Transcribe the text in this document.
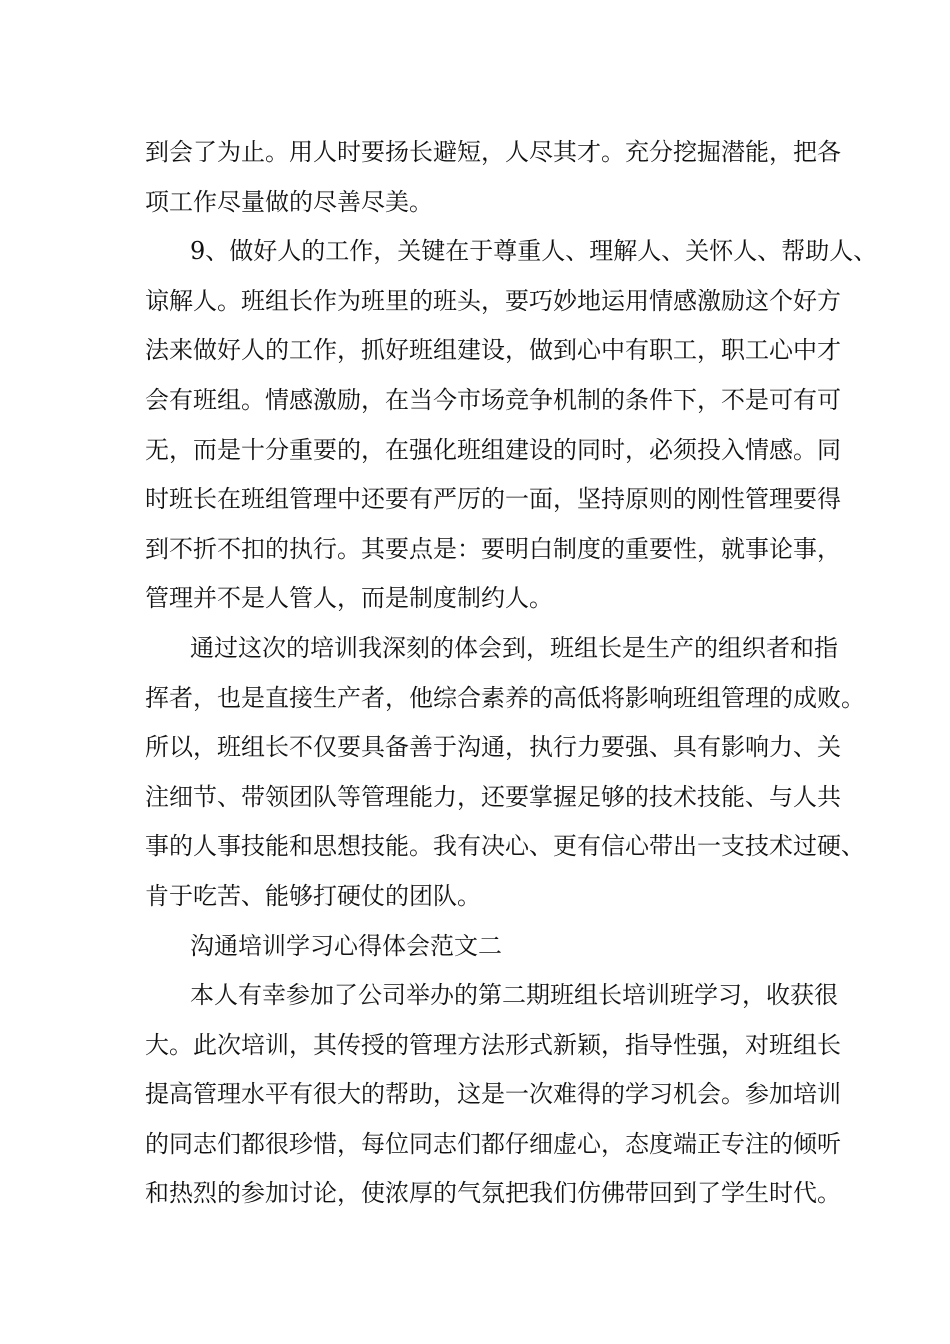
到会了为止。用人时要扬长避短，人尽其才。充分挖掘潜能，把各
项工作尽量做的尽善尽美。
9、做好人的工作，关键在于尊重人、理解人、关怀人、帮助人、
谅解人。班组长作为班里的班头，要巧妙地运用情感激励这个好方
法来做好人的工作，抓好班组建设，做到心中有职工，职工心中才
会有班组。情感激励，在当今市场竞争机制的条件下，不是可有可
无，而是十分重要的，在强化班组建设的同时，必须投入情感。同
时班长在班组管理中还要有严厉的一面，坚持原则的刚性管理要得
到不折不扣的执行。其要点是：要明白制度的重要性，就事论事，
管理并不是人管人，而是制度制约人。
通过这次的培训我深刻的体会到，班组长是生产的组织者和指
挥者，也是直接生产者，他综合素养的高低将影响班组管理的成败。
所以，班组长不仅要具备善于沟通，执行力要强、具有影响力、关
注细节、带领团队等管理能力，还要掌握足够的技术技能、与人共
事的人事技能和思想技能。我有决心、更有信心带出一支技术过硬、
肯于吃苦、能够打硬仗的团队。
沟通培训学习心得体会范文二
本人有幸参加了公司举办的第二期班组长培训班学习，收获很
大。此次培训，其传授的管理方法形式新颖，指导性强，对班组长
提高管理水平有很大的帮助，这是一次难得的学习机会。参加培训
的同志们都很珍惜，每位同志们都仔细虚心，态度端正专注的倾听
和热烈的参加讨论，使浓厚的气氛把我们仿佛带回到了学生时代。
